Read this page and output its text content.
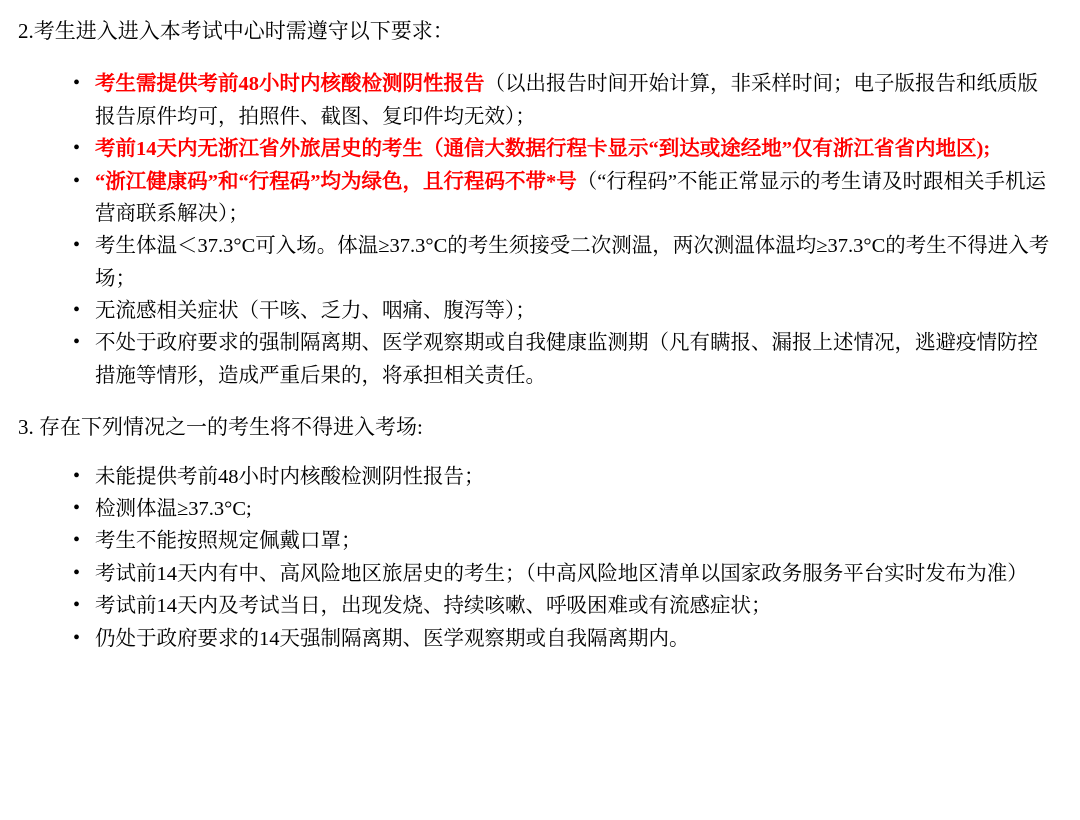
2.考生进入进入本考试中心时需遵守以下要求：

• 考生需提供考前48小时内核酸检测阴性报告（以出报告时间开始计算，非采样时间；电子版报告和纸质版报告原件均可，拍照件、截图、复印件均无效）；
• 考前14天内无浙江省外旅居史的考生（通信大数据行程卡显示“到达或途经地”仅有浙江省省内地区);
• “浙江健康码”和“行程码”均为绿色，且行程码不带*号（“行程码”不能正常显示的考生请及时跟相关手机运营商联系解决）；
• 考生体温＜37.3°C可入场。体温≥37.3°C的考生须接受二次测温，两次测温体温均≥37.3°C的考生不得进入考场；
• 无流感相关症状（干咳、乏力、咽痛、腹泻等）；
• 不处于政府要求的强制隔离期、医学观察期或自我健康监测期（凡有瞒报、漏报上述情况，逃避疫情防控措施等情形，造成严重后果的，将承担相关责任。

3. 存在下列情况之一的考生将不得进入考场:

• 未能提供考前48小时内核酸检测阴性报告；
• 检测体温≥37.3°C;
• 考生不能按照规定佩戴口罩；
• 考试前14天内有中、高风险地区旅居史的考生；（中高风险地区清单以国家政务服务平台实时发布为准）
• 考试前14天内及考试当日，出现发烧、持续咳嗽、呼吸困难或有流感症状；
• 仍处于政府要求的14天强制隔离期、医学观察期或自我隔离期内。
